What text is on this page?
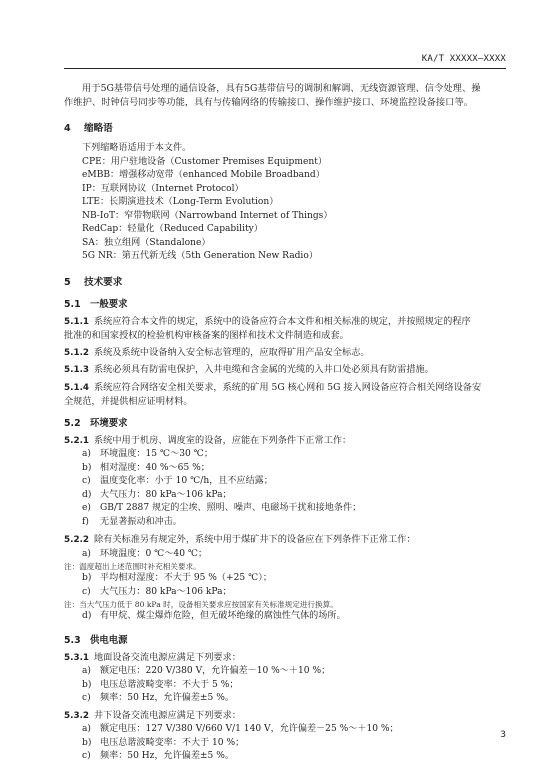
KA/T XXXXX—XXXX
用于5G基带信号处理的通信设备，具有5G基带信号的调制和解调、无线资源管理、信令处理、操
作维护、时钟信号同步等功能，具有与传输网络的传输接口、操作维护接口、环境监控设备接口等。
4 缩略语
下列缩略语适用于本文件。
CPE：用户驻地设备（Customer Premises Equipment）
eMBB：增强移动宽带（enhanced Mobile Broadband）
IP：互联网协议（Internet Protocol）
LTE：长期演进技术（Long-Term Evolution）
NB-IoT：窄带物联网（Narrowband Internet of Things）
RedCap：轻量化（Reduced Capability）
SA：独立组网（Standalone）
5G NR：第五代新无线（5th Generation New Radio）
5 技术要求
5.1 一般要求
5.1.1 系统应符合本文件的规定，系统中的设备应符合本文件和相关标准的规定，并按照规定的程序
批准的和国家授权的检验机构审核备案的图样和技术文件制造和成套。
5.1.2 系统及系统中设备纳入安全标志管理的，应取得矿用产品安全标志。
5.1.3 系统必须具有防雷电保护，入井电缆和含金属的光缆的入井口处必须具有防雷措施。
5.1.4 系统应符合网络安全相关要求，系统的矿用 5G 核心网和 5G 接入网设备应符合相关网络设备安
全规范，并提供相应证明材料。
5.2 环境要求
5.2.1 系统中用于机房、调度室的设备，应能在下列条件下正常工作：
a) 环境温度：15 ℃～30 ℃；
b) 相对湿度：40 %～65 %；
c) 温度变化率：小于 10 ℃/h，且不应结露；
d) 大气压力：80 kPa～106 kPa；
e) GB/T 2887 规定的尘埃、照明、噪声、电磁场干扰和接地条件；
f) 无显著振动和冲击。
5.2.2 除有关标准另有规定外，系统中用于煤矿井下的设备应在下列条件下正常工作：
a) 环境温度：0 ℃～40 ℃；
注：温度超出上述范围时补充相关要求。
b) 平均相对湿度：不大于 95 %（+25 ℃）；
c) 大气压力：80 kPa～106 kPa；
注：当大气压力低于 80 kPa 时，设备相关要求应按国家有关标准规定进行换算。
d) 有甲烷、煤尘爆炸危险，但无破坏绝缘的腐蚀性气体的场所。
5.3 供电电源
5.3.1 地面设备交流电源应满足下列要求：
a) 额定电压：220 V/380 V，允许偏差－10 %～＋10 %；
b) 电压总谐波畸变率：不大于 5 %；
c) 频率：50 Hz，允许偏差±5 %。
5.3.2 井下设备交流电源应满足下列要求：
a) 额定电压：127 V/380 V/660 V/1 140 V，允许偏差－25 %～＋10 %；
b) 电压总谐波畸变率：不大于 10 %；
c) 频率：50 Hz，允许偏差±5 %。
3
